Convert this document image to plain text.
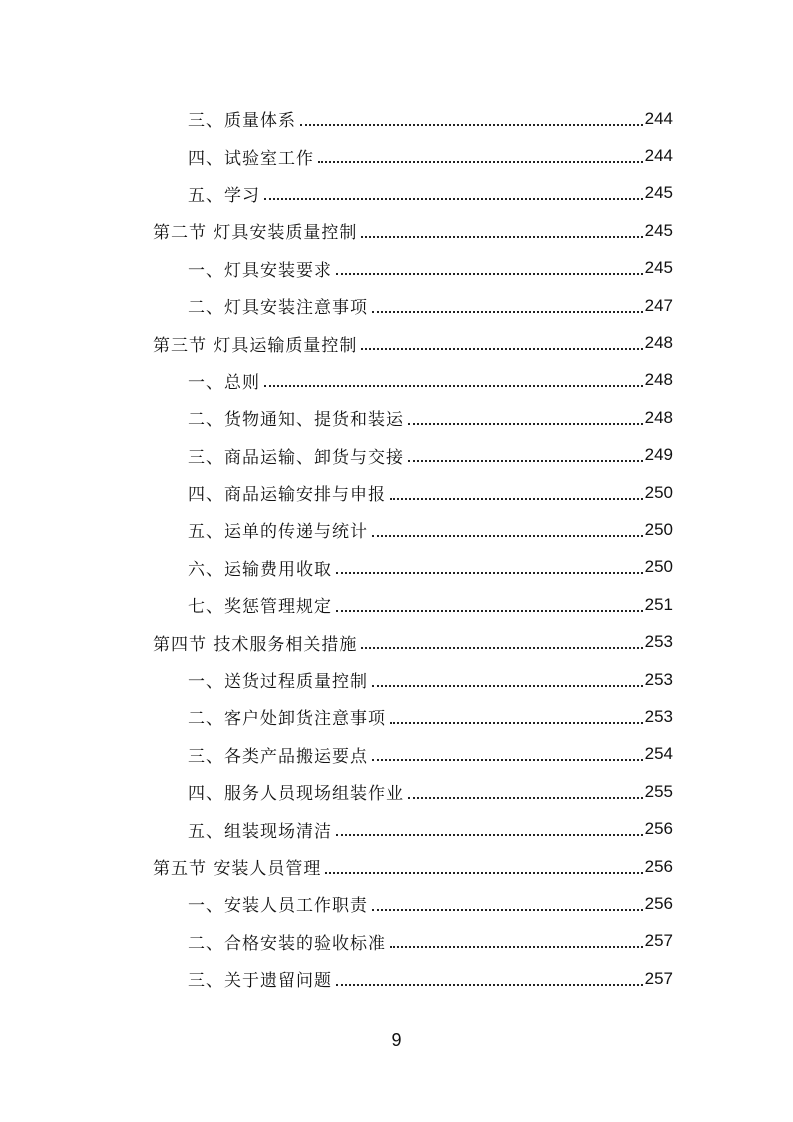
三、质量体系	244
四、试验室工作	244
五、学习	245
第二节 灯具安装质量控制	245
一、灯具安装要求	245
二、灯具安装注意事项	247
第三节 灯具运输质量控制	248
一、总则	248
二、货物通知、提货和装运	248
三、商品运输、卸货与交接	249
四、商品运输安排与申报	250
五、运单的传递与统计	250
六、运输费用收取	250
七、奖惩管理规定	251
第四节 技术服务相关措施	253
一、送货过程质量控制	253
二、客户处卸货注意事项	253
三、各类产品搬运要点	254
四、服务人员现场组装作业	255
五、组装现场清洁	256
第五节 安装人员管理	256
一、安装人员工作职责	256
二、合格安装的验收标准	257
三、关于遗留问题	257
9
